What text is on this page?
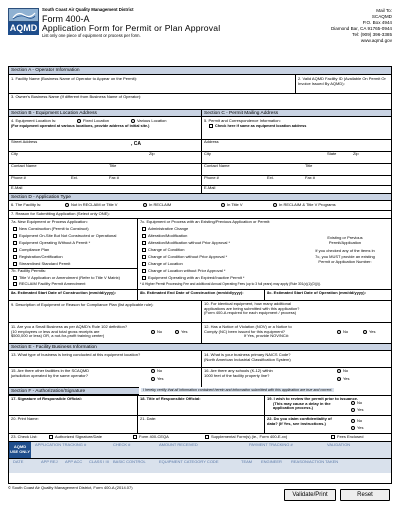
AQMD
South Coast Air Quality Management District
Form 400-A
Application Form for Permit or Plan Approval
List only one piece of equipment or process per form.
Mail To:
SCAQMD
P.O. Box 4944
Diamond Bar, CA 91765-0944
Tel: (909) 396-3385
www.aqmd.gov
Section A - Operator Information
1. Facility Name (Business Name of Operator to Appear on the Permit):	2. Valid AQMD Facility ID (Available On Permit Or Invoice Issued By AQMD):
3. Owner's Business Name (If different from Business Name of Operator):
Section B - Equipment Location Address	Section C - Permit Mailing Address
4. Equipment Location Is:	Fixed Location	Various Location
(For equipment operated at various locations, provide address of initial site.)
5. Permit and Correspondence Information:
Check here if same as equipment location address
Street Address	, CA
City	Zip
Contact Name	Title
Phone #	Ext.	Fax #
E-Mail
Address
City	State	Zip
Contact Name	Title
Phone #	Ext.	Fax #
E-Mail
Section D - Application Type
6. The Facility Is:	Not In RECLAIM or Title V	In RECLAIM	In Title V	In RECLAIM & Title V Programs
7. Reason for Submitting Application (Select only ONE):
7a. New Equipment or Process Application:
New Construction (Permit to Construct)
Equipment On-Site But Not Constructed or Operational
Equipment Operating Without A Permit *
Compliance Plan
Registration/Certification
Streamlined Standard Permit
7b. Facility Permits:
Title V Application or Amendment (Refer to Title V Matrix)
RECLAIM Facility Permit Amendment
7c. Equipment or Process with an Existing/Previous Application or Permit:
Administrative Change
Alteration/Modification
Alteration/Modification without Prior Approval *
Change of Condition
Change of Condition without Prior Approval *
Change of Location
Change of Location without Prior Approval *
Equipment Operating with an Expired/Inactive Permit *
Existing or Previous
Permit/Application
If you checked any of the items in
7c, you MUST provide an existing
Permit or Application Number:
* A Higher Permit Processing Fee and additional Annual Operating Fees (up to 3 full years) may apply (Rule 301(c)(1)(D)(i)).
8a. Estimated Start Date of Construction (mm/dd/yyyy):	8b. Estimated End Date of Construction (mm/dd/yyyy):	8c. Estimated Start Date of Operation (mm/dd/yyyy):
9. Description of Equipment or Reason for Compliance Plan (list applicable rule):	10. For identical equipment, how many additional
applications are being submitted with this application?
(Form 400-A required for each equipment / process)
11. Are you a Small Business as per AQMD's Rule 102 definition?
(10 employees or less and total gross receipts are
$500,000 or less) OR, a not-for-profit training center)
No	Yes
12. Has a Notice of Violation (NOV) or a Notice to
Comply (NC) been issued for this equipment?
If Yes, provide NOV/NC#:
No	Yes
Section E - Facility Business Information
13. What type of business is being conducted at this equipment location?	14. What is your business primary NAICS Code?
(North American Industrial Classification System)
15. Are there other facilities in the SCAQMD
jurisdiction operated by the same operator?
No
Yes
16. Are there any schools (K-12) within
1000 feet of the facility property line?
No
Yes
Section F - Authorization/Signature	I hereby certify that all information contained herein and information submitted with this application are true and correct.
17. Signature of Responsible Official:	18. Title of Responsible Official:	19. I wish to review the permit prior to issuance.
(This may cause a delay in the
application process.)
No
Yes
20. Print Name:	21. Date:	22. Do you claim confidentiality of
data? (If Yes, see instructions.)
No
Yes
23. Check List:	Authorized Signature/Date	Form 400-CEQA	Supplemental Form(s) (ie., Form 400-E-xx)	Fees Enclosed
AQMD
USE ONLY
APPLICATION TRACKING #	CHECK #	AMOUNT RECEIVED	PAYMENT TRACKING #	VALIDATION
DATE	APP REJ APP ACC CLASS I III BASIC CONTROL	EQUIPMENT CATEGORY CODE	TEAM ENGINEER REASON/ACTION TAKEN
© South Coast Air Quality Management District, Form 400-A (2014.07)
Validate/Print	Reset
